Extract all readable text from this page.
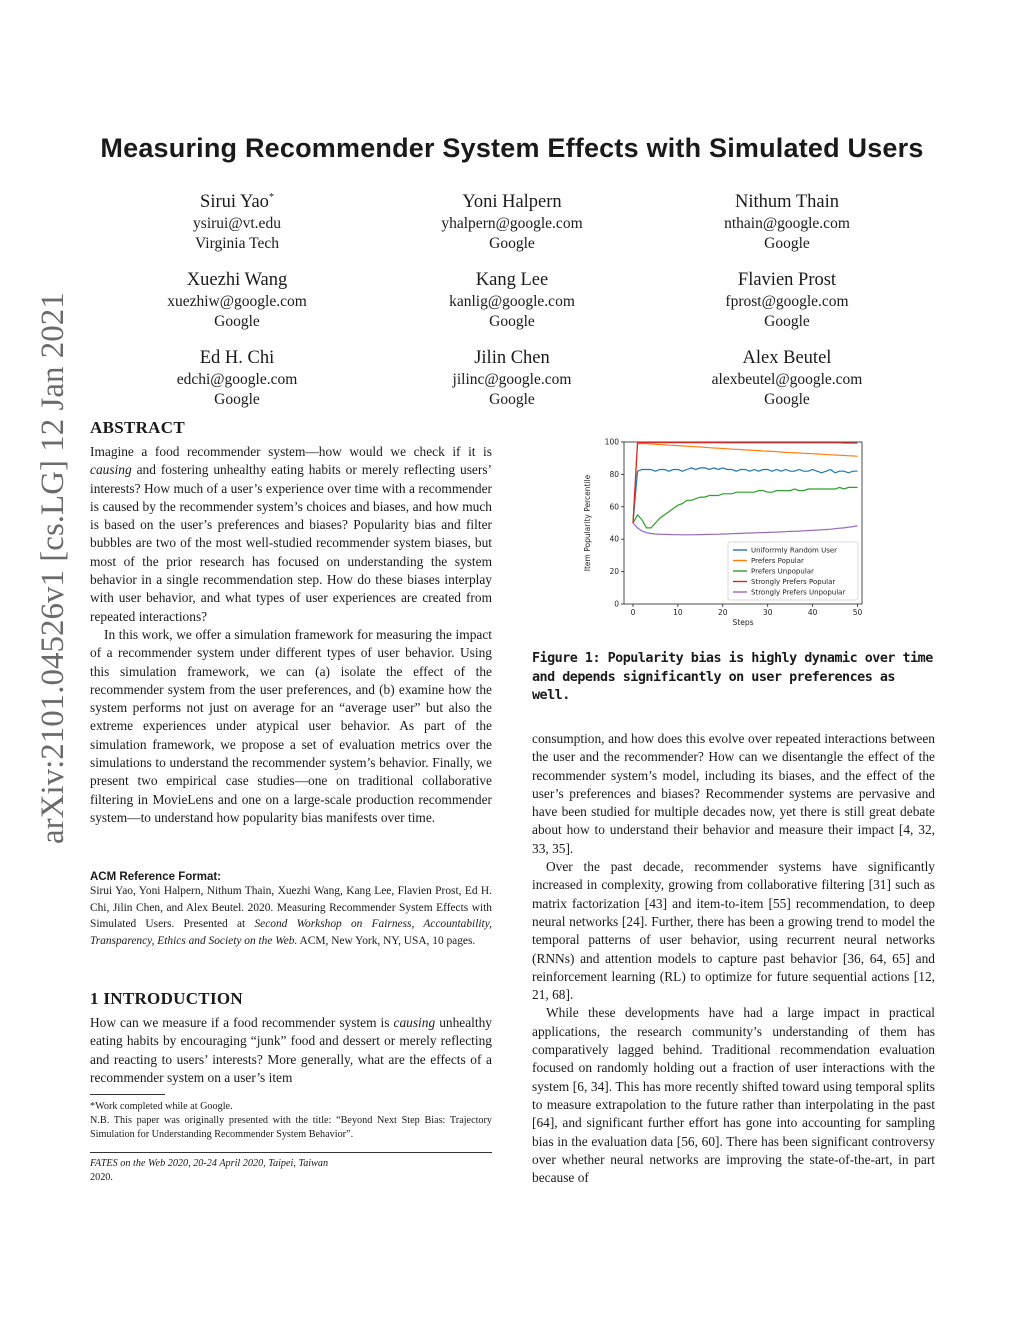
arXiv:2101.04526v1 [cs.LG] 12 Jan 2021
Measuring Recommender System Effects with Simulated Users
Sirui Yao*
ysirui@vt.edu
Virginia Tech
Yoni Halpern
yhalpern@google.com
Google
Nithum Thain
nthain@google.com
Google
Xuezhi Wang
xuezhiw@google.com
Google
Kang Lee
kanlig@google.com
Google
Flavien Prost
fprost@google.com
Google
Ed H. Chi
edchi@google.com
Google
Jilin Chen
jilinc@google.com
Google
Alex Beutel
alexbeutel@google.com
Google
ABSTRACT

Imagine a food recommender system—how would we check if it is causing and fostering unhealthy eating habits or merely reflecting users’ interests? How much of a user’s experience over time with a recommender is caused by the recommender system’s choices and biases, and how much is based on the user’s preferences and biases? Popularity bias and filter bubbles are two of the most well-studied recommender system biases, but most of the prior research has focused on understanding the system behavior in a single recommendation step. How do these biases interplay with user behavior, and what types of user experiences are created from repeated interactions?

In this work, we offer a simulation framework for measuring the impact of a recommender system under different types of user behavior. Using this simulation framework, we can (a) isolate the effect of the recommender system from the user preferences, and (b) examine how the system performs not just on average for an “average user” but also the extreme experiences under atypical user behavior. As part of the simulation framework, we propose a set of evaluation metrics over the simulations to understand the recommender system’s behavior. Finally, we present two empirical case studies—one on traditional collaborative filtering in MovieLens and one on a large-scale production recommender system—to understand how popularity bias manifests over time.

ACM Reference Format:
Sirui Yao, Yoni Halpern, Nithum Thain, Xuezhi Wang, Kang Lee, Flavien Prost, Ed H. Chi, Jilin Chen, and Alex Beutel. 2020. Measuring Recommender System Effects with Simulated Users. Presented at Second Workshop on Fairness, Accountability, Transparency, Ethics and Society on the Web. ACM, New York, NY, USA, 10 pages.
1 INTRODUCTION

How can we measure if a food recommender system is causing unhealthy eating habits by encouraging “junk” food and dessert or merely reflecting and reacting to users’ interests? More generally, what are the effects of a recommender system on a user’s item

*Work completed while at Google.
N.B. This paper was originally presented with the title: “Beyond Next Step Bias: Trajectory Simulation for Understanding Recommender System Behavior”.
FATES on the Web 2020, 20-24 April 2020, Taipei, Taiwan
2020.
0
20
40
60
80
100
0	10	20	30	40	50
Steps
Item Popularity Percentile	Uniforrmly Random User
Prefers Popular
Prefers Unpopular
Strongly Prefers Popular
Strongly Prefers Unpopular
Figure 1: Popularity bias is highly dynamic over time and depends significantly on user preferences as well.

consumption, and how does this evolve over repeated interactions between the user and the recommender? How can we disentangle the effect of the recommender system’s model, including its biases, and the effect of the user’s preferences and biases? Recommender systems are pervasive and have been studied for multiple decades now, yet there is still great debate about how to understand their behavior and measure their impact [4, 32, 33, 35].

Over the past decade, recommender systems have significantly increased in complexity, growing from collaborative filtering [31] such as matrix factorization [43] and item-to-item [55] recommendation, to deep neural networks [24]. Further, there has been a growing trend to model the temporal patterns of user behavior, using recurrent neural networks (RNNs) and attention models to capture past behavior [36, 64, 65] and reinforcement learning (RL) to optimize for future sequential actions [12, 21, 68].

While these developments have had a large impact in practical applications, the research community’s understanding of them has comparatively lagged behind. Traditional recommendation evaluation focused on randomly holding out a fraction of user interactions with the system [6, 34]. This has more recently shifted toward using temporal splits to measure extrapolation to the future rather than interpolating in the past [64], and significant further effort has gone into accounting for sampling bias in the evaluation data [56, 60]. There has been significant controversy over whether neural networks are improving the state-of-the-art, in part because of
